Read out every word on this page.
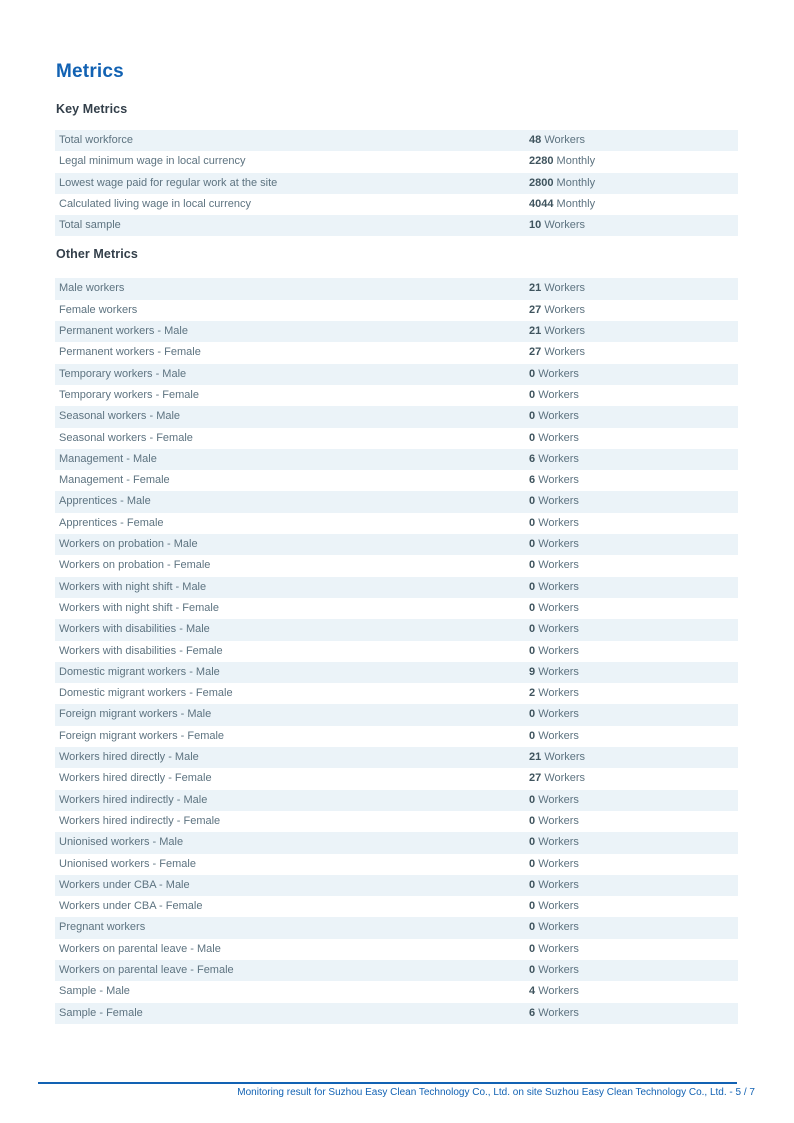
Metrics
Key Metrics
Total workforce	48 Workers
Legal minimum wage in local currency	2280 Monthly
Lowest wage paid for regular work at the site	2800 Monthly
Calculated living wage in local currency	4044 Monthly
Total sample	10 Workers
Other Metrics
Male workers	21 Workers
Female workers	27 Workers
Permanent workers - Male	21 Workers
Permanent workers - Female	27 Workers
Temporary workers - Male	0 Workers
Temporary workers - Female	0 Workers
Seasonal workers - Male	0 Workers
Seasonal workers - Female	0 Workers
Management - Male	6 Workers
Management - Female	6 Workers
Apprentices - Male	0 Workers
Apprentices - Female	0 Workers
Workers on probation - Male	0 Workers
Workers on probation - Female	0 Workers
Workers with night shift - Male	0 Workers
Workers with night shift - Female	0 Workers
Workers with disabilities - Male	0 Workers
Workers with disabilities - Female	0 Workers
Domestic migrant workers - Male	9 Workers
Domestic migrant workers - Female	2 Workers
Foreign migrant workers - Male	0 Workers
Foreign migrant workers - Female	0 Workers
Workers hired directly - Male	21 Workers
Workers hired directly - Female	27 Workers
Workers hired indirectly - Male	0 Workers
Workers hired indirectly - Female	0 Workers
Unionised workers - Male	0 Workers
Unionised workers - Female	0 Workers
Workers under CBA - Male	0 Workers
Workers under CBA - Female	0 Workers
Pregnant workers	0 Workers
Workers on parental leave - Male	0 Workers
Workers on parental leave - Female	0 Workers
Sample - Male	4 Workers
Sample - Female	6 Workers
Monitoring result for Suzhou Easy Clean Technology Co., Ltd. on site Suzhou Easy Clean Technology Co., Ltd. - 5 / 7
